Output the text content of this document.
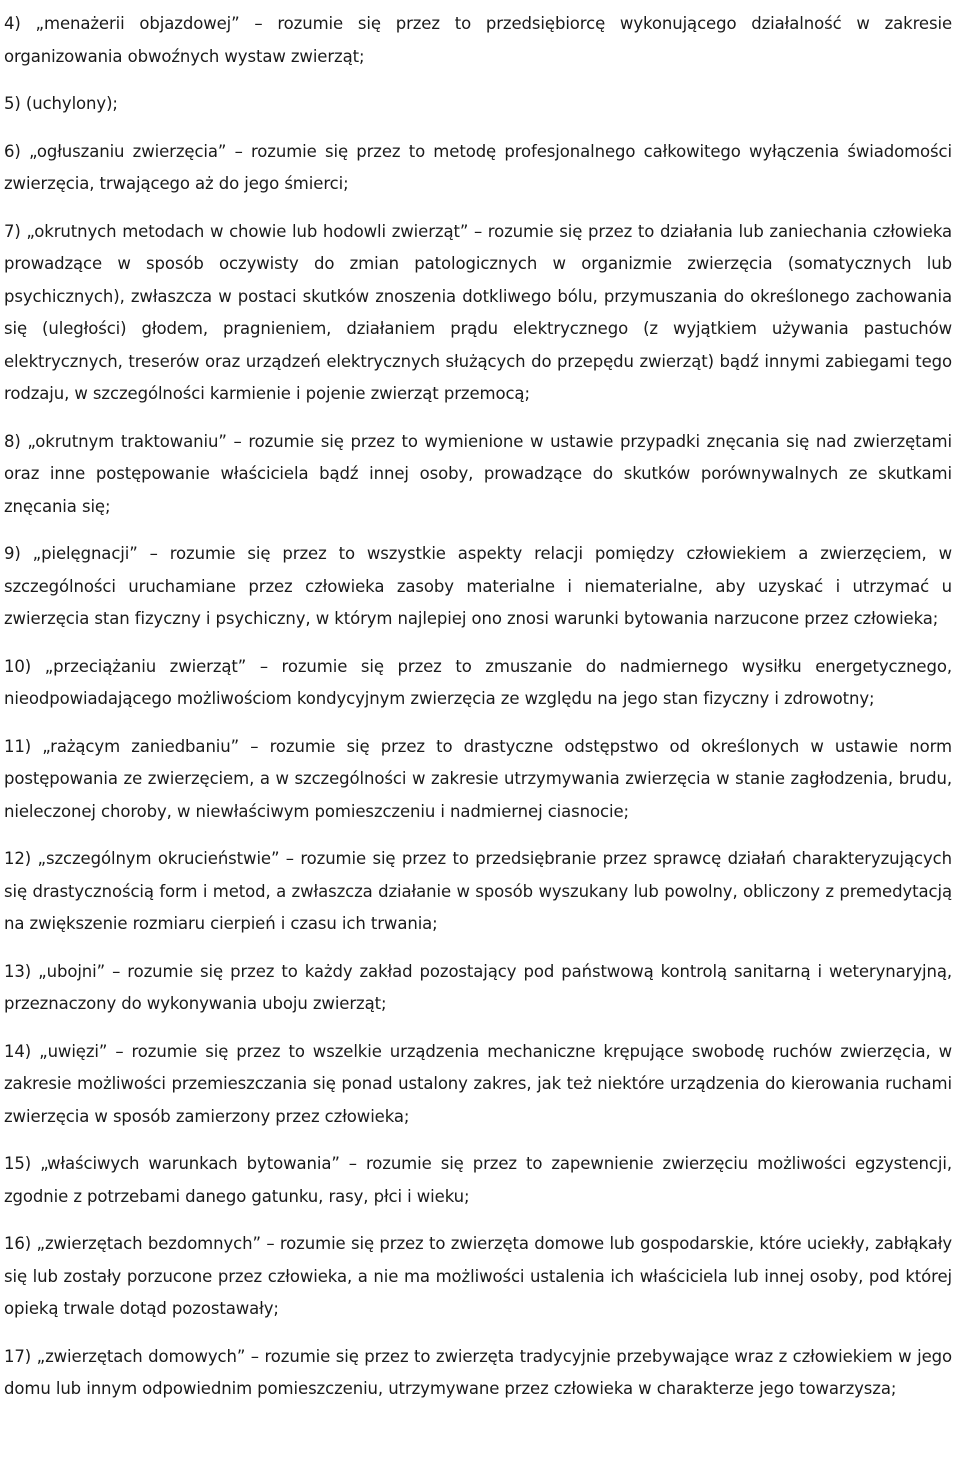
4) „menażerii objazdowej” – rozumie się przez to przedsiębiorcę wykonującego działalność w zakresie organizowania obwoźnych wystaw zwierząt;

5) (uchylony);

6) „ogłuszaniu zwierzęcia” – rozumie się przez to metodę profesjonalnego całkowitego wyłączenia świadomości zwierzęcia, trwającego aż do jego śmierci;

7) „okrutnych metodach w chowie lub hodowli zwierząt” – rozumie się przez to działania lub zaniechania człowieka prowadzące w sposób oczywisty do zmian patologicznych w organizmie zwierzęcia (somatycznych lub psychicznych), zwłaszcza w postaci skutków znoszenia dotkliwego bólu, przymuszania do określonego zachowania się (uległości) głodem, pragnieniem, działaniem prądu elektrycznego (z wyjątkiem używania pastuchów elektrycznych, treserów oraz urządzeń elektrycznych służących do przepędu zwierząt) bądź innymi zabiegami tego rodzaju, w szczególności karmienie i pojenie zwierząt przemocą;

8) „okrutnym traktowaniu” – rozumie się przez to wymienione w ustawie przypadki znęcania się nad zwierzętami oraz inne postępowanie właściciela bądź innej osoby, prowadzące do skutków porównywalnych ze skutkami znęcania się;

9) „pielęgnacji” – rozumie się przez to wszystkie aspekty relacji pomiędzy człowiekiem a zwierzęciem, w szczególności uruchamiane przez człowieka zasoby materialne i niematerialne, aby uzyskać i utrzymać u zwierzęcia stan fizyczny i psychiczny, w którym najlepiej ono znosi warunki bytowania narzucone przez człowieka;

10) „przeciążaniu zwierząt” – rozumie się przez to zmuszanie do nadmiernego wysiłku energetycznego, nieodpowiadającego możliwościom kondycyjnym zwierzęcia ze względu na jego stan fizyczny i zdrowotny;

11) „rażącym zaniedbaniu” – rozumie się przez to drastyczne odstępstwo od określonych w ustawie norm postępowania ze zwierzęciem, a w szczególności w zakresie utrzymywania zwierzęcia w stanie zagłodzenia, brudu, nieleczonej choroby, w niewłaściwym pomieszczeniu i nadmiernej ciasnocie;

12) „szczególnym okrucieństwie” – rozumie się przez to przedsiębranie przez sprawcę działań charakteryzujących się drastycznością form i metod, a zwłaszcza działanie w sposób wyszukany lub powolny, obliczony z premedytacją na zwiększenie rozmiaru cierpień i czasu ich trwania;

13) „ubojni” – rozumie się przez to każdy zakład pozostający pod państwową kontrolą sanitarną i weterynaryjną, przeznaczony do wykonywania uboju zwierząt;

14) „uwięzi” – rozumie się przez to wszelkie urządzenia mechaniczne krępujące swobodę ruchów zwierzęcia, w zakresie możliwości przemieszczania się ponad ustalony zakres, jak też niektóre urządzenia do kierowania ruchami zwierzęcia w sposób zamierzony przez człowieka;

15) „właściwych warunkach bytowania” – rozumie się przez to zapewnienie zwierzęciu możliwości egzystencji, zgodnie z potrzebami danego gatunku, rasy, płci i wieku;

16) „zwierzętach bezdomnych” – rozumie się przez to zwierzęta domowe lub gospodarskie, które uciekły, zabłąkały się lub zostały porzucone przez człowieka, a nie ma możliwości ustalenia ich właściciela lub innej osoby, pod której opieką trwale dotąd pozostawały;

17) „zwierzętach domowych” – rozumie się przez to zwierzęta tradycyjnie przebywające wraz z człowiekiem w jego domu lub innym odpowiednim pomieszczeniu, utrzymywane przez człowieka w charakterze jego towarzysza;
